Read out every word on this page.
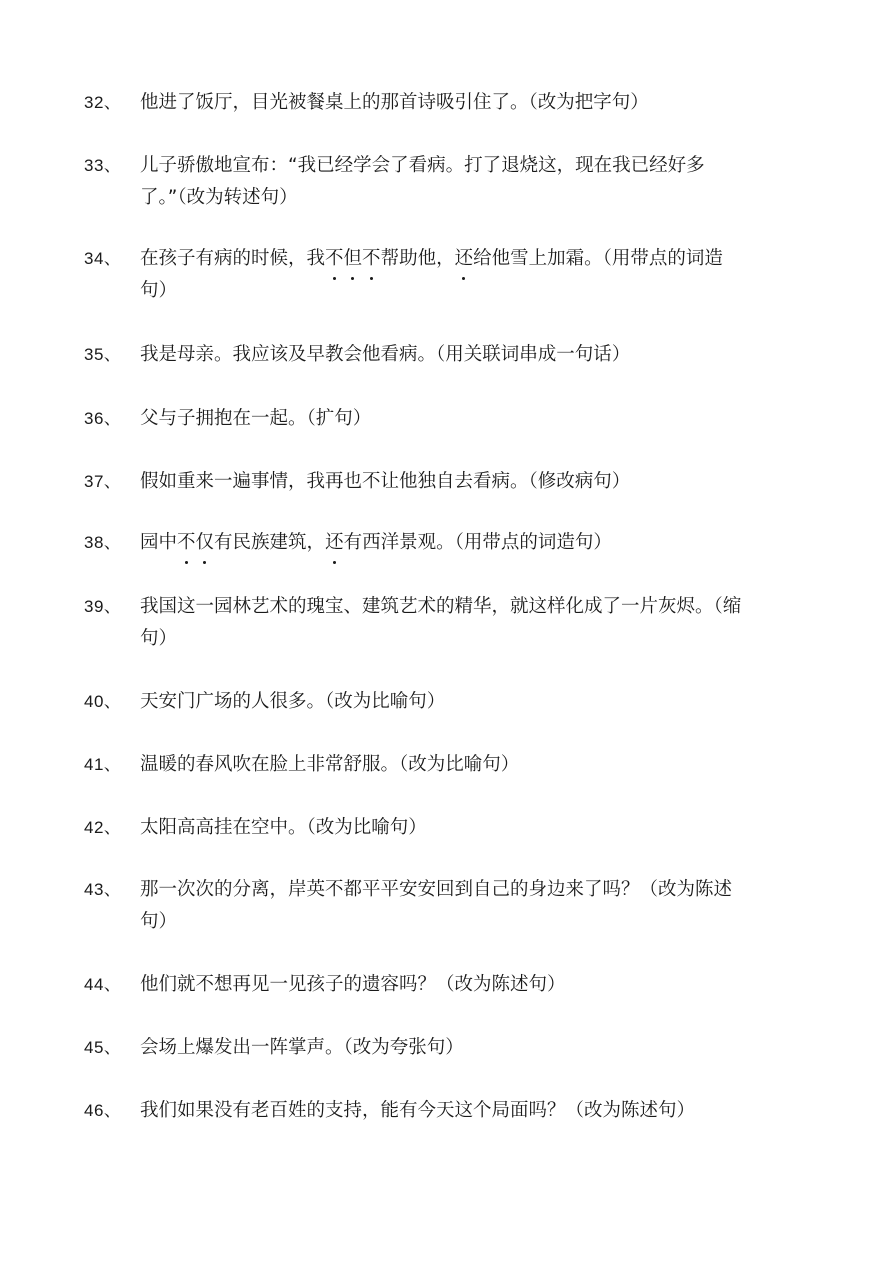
32、	他进了饭厅，目光被餐桌上的那首诗吸引住了。（改为把字句）
33、	儿子骄傲地宣布：“我已经学会了看病。打了退烧这，现在我已经好多
了。”（改为转述句）
34、	在孩子有病的时候，我不但不帮助他，还给他雪上加霜。（用带点的词造
句）
35、	我是母亲。我应该及早教会他看病。（用关联词串成一句话）
36、	父与子拥抱在一起。（扩句）
37、	假如重来一遍事情，我再也不让他独自去看病。（修改病句）
38、	园中不仅有民族建筑，还有西洋景观。（用带点的词造句）
39、	我国这一园林艺术的瑰宝、建筑艺术的精华，就这样化成了一片灰烬。（缩
句）
40、	天安门广场的人很多。（改为比喻句）
41、	温暖的春风吹在脸上非常舒服。（改为比喻句）
42、	太阳高高挂在空中。（改为比喻句）
43、	那一次次的分离，岸英不都平平安安回到自己的身边来了吗？（改为陈述
句）
44、	他们就不想再见一见孩子的遗容吗？（改为陈述句）
45、	会场上爆发出一阵掌声。（改为夸张句）
46、	我们如果没有老百姓的支持，能有今天这个局面吗？（改为陈述句）
